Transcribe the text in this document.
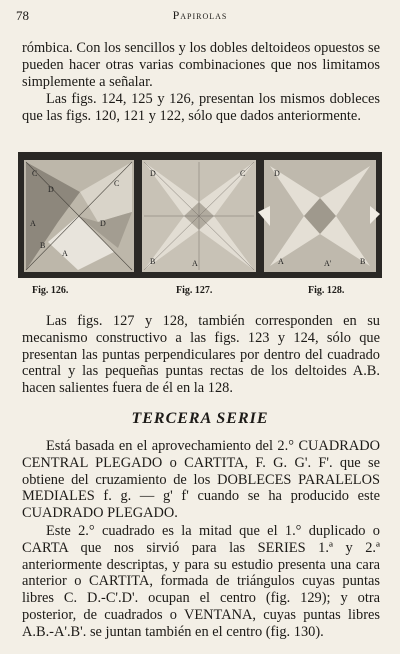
78	Papirolas
rómbica. Con los sencillos y los dobles deltoideos opuestos se pueden hacer otras varias combinaciones que nos limitamos simplemente a señalar.
Las figs. 124, 125 y 126, presentan los mismos dobleces que las figs. 120, 121 y 122, sólo que dados anteriormente.
C
D
A
B
C
D
A
D	C
A
B
D
A	B
A'
Fig. 126.	Fig. 127.	Fig. 128.
Las figs. 127 y 128, también corresponden en su mecanismo constructivo a las figs. 123 y 124, sólo que presentan las puntas perpendiculares por dentro del cuadrado central y las pequeñas puntas rectas de los deltoides A.B. hacen salientes fuera de él en la 128.
TERCERA SERIE
Está basada en el aprovechamiento del 2.° CUADRADO CENTRAL PLEGADO o CARTITA, F. G. G'. F'. que se obtiene del cruzamiento de los DOBLECES PARALELOS MEDIALES f. g. — g' f' cuando se ha producido este CUADRADO PLEGADO.
Este 2.° cuadrado es la mitad que el 1.° duplicado o CARTA que nos sirvió para las SERIES 1.ª y 2.ª anteriormente descriptas, y para su estudio presenta una cara anterior o CARTITA, formada de triángulos cuyas puntas libres C. D.-C'.D'. ocupan el centro (fig. 129); y otra posterior, de cuadrados o VENTANA, cuyas puntas libres A.B.-A'.B'. se juntan también en el centro (fig. 130).
